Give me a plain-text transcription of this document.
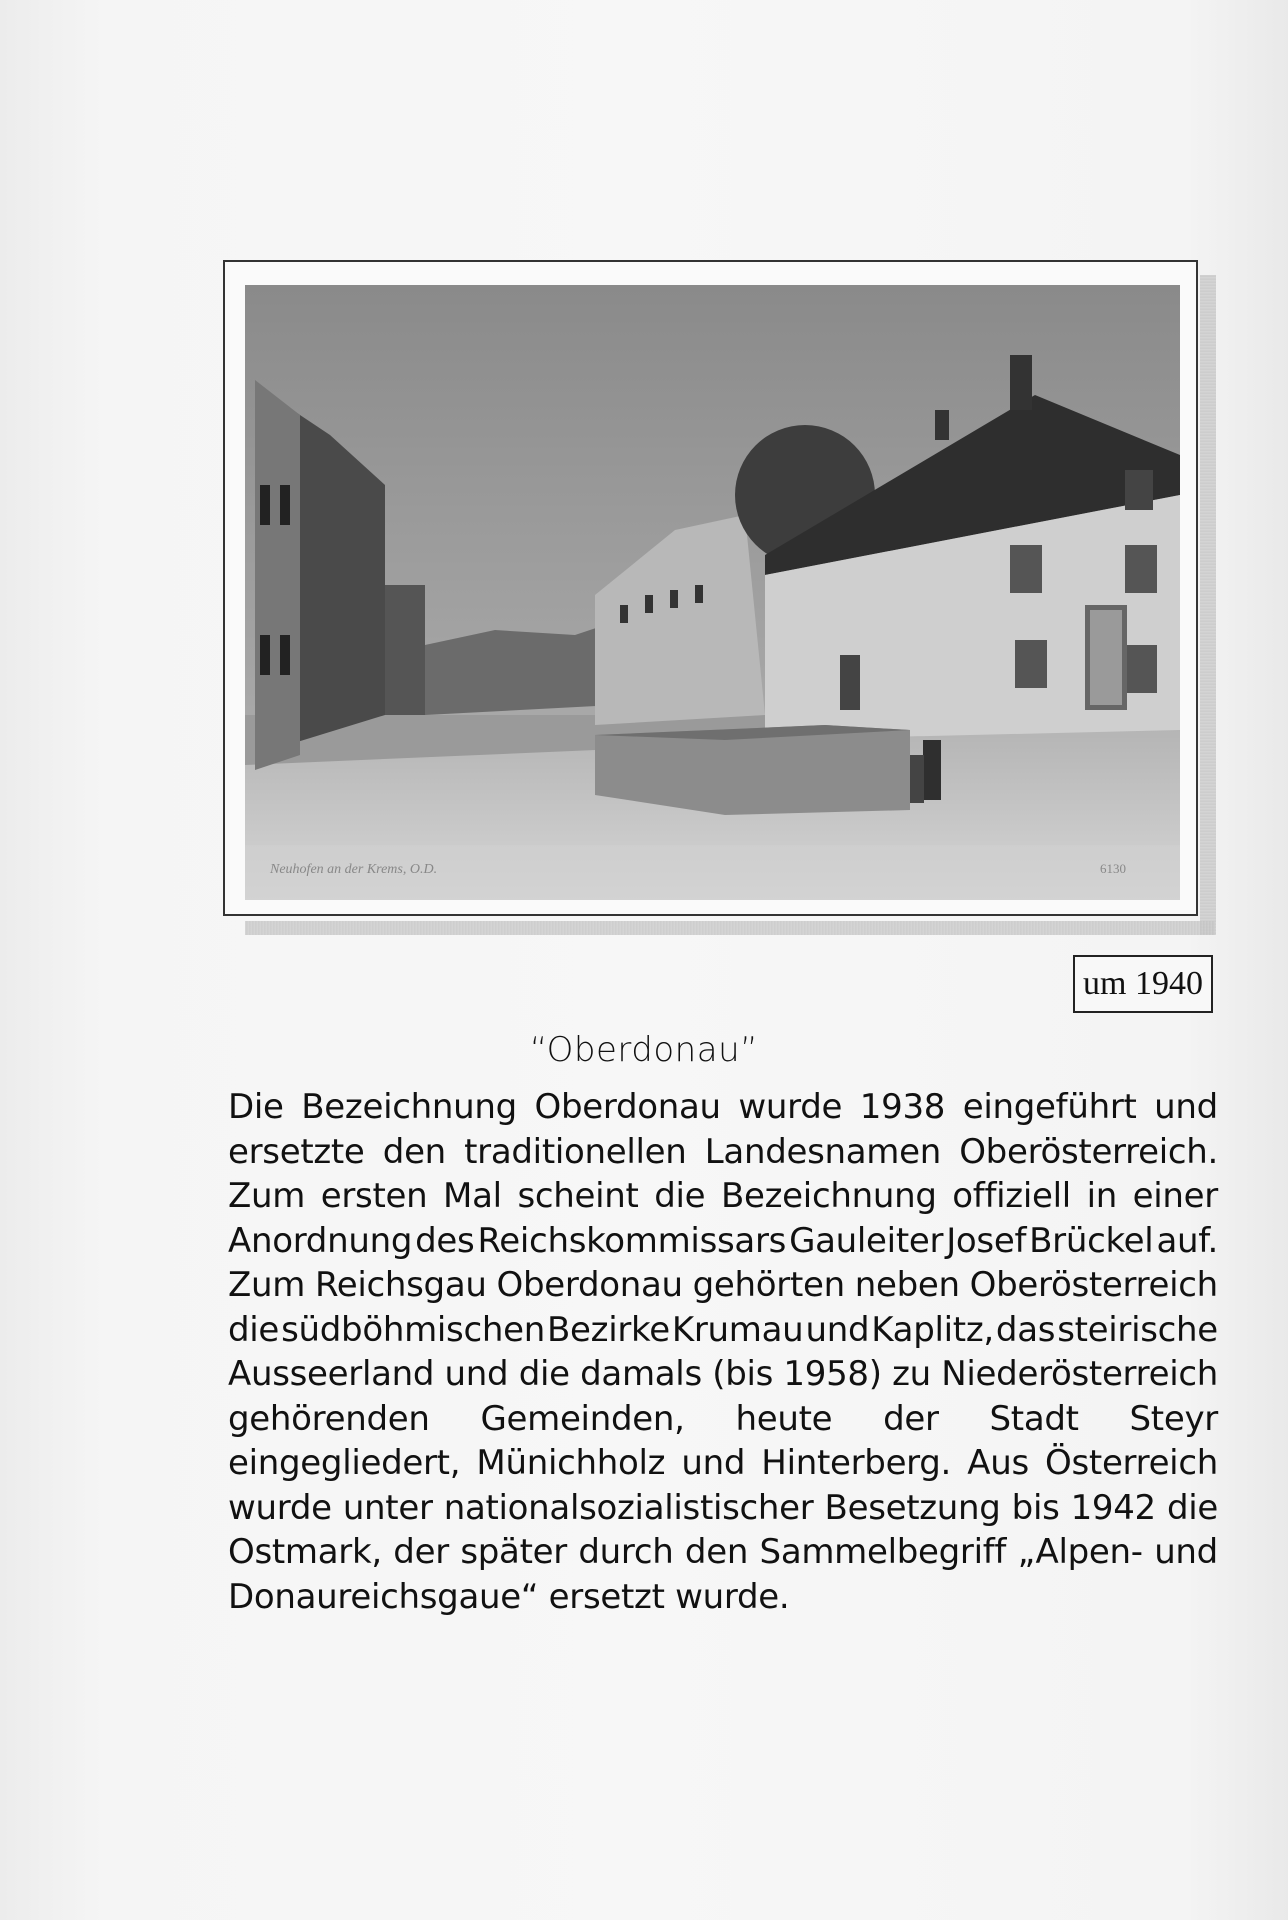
Neuhofen an der Krems, O.D.	6130
um 1940
“Oberdonau”
Die Bezeichnung Oberdonau wurde 1938 eingeführt und
ersetzte den traditionellen Landesnamen Oberösterreich.
Zum ersten Mal scheint die Bezeichnung offiziell in einer
Anordnung des Reichskommissars Gauleiter Josef Brückel auf.
Zum Reichsgau Oberdonau gehörten neben Oberösterreich
die südböhmischen Bezirke Krumau und Kaplitz, das steirische
Ausseerland und die damals (bis 1958) zu Niederösterreich
gehörenden Gemeinden, heute der Stadt Steyr
eingegliedert, Münichholz und Hinterberg. Aus Österreich
wurde unter nationalsozialistischer Besetzung bis 1942 die
Ostmark, der später durch den Sammelbegriff „Alpen- und
Donaureichsgaue“ ersetzt wurde.
